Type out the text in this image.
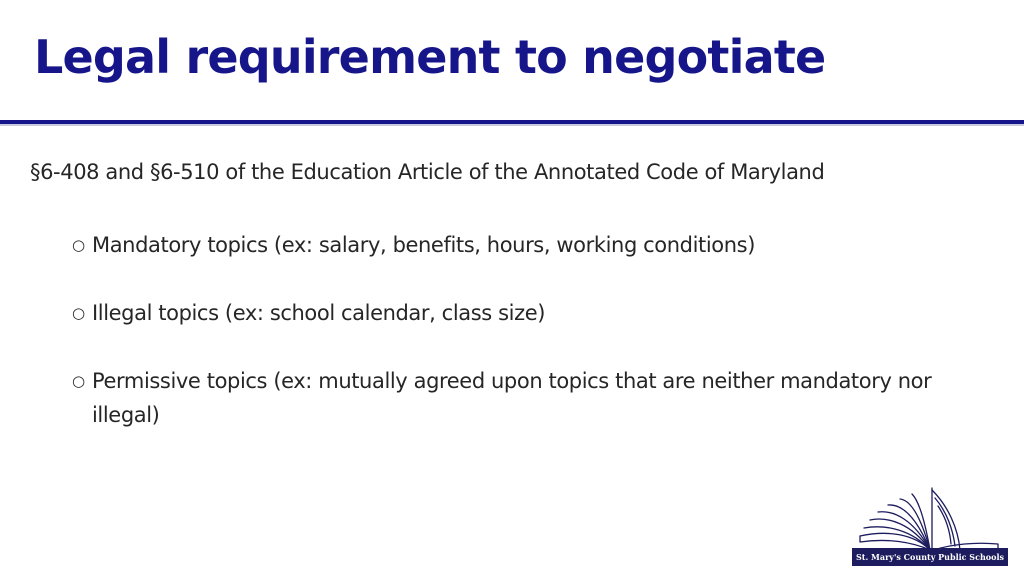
Legal requirement to negotiate

§6-408 and §6-510 of the Education Article of the Annotated Code of Maryland

○ Mandatory topics (ex: salary, benefits, hours, working conditions)
○ Illegal topics (ex: school calendar, class size)
○ Permissive topics (ex: mutually agreed upon topics that are neither mandatory nor illegal)
St. Mary's County Public Schools
